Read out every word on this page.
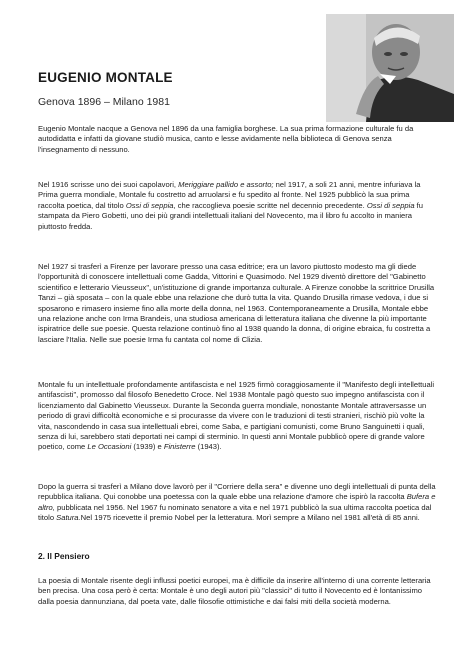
EUGENIO MONTALE
Genova 1896 – Milano 1981
Eugenio Montale nacque a Genova nel 1896 da una famiglia borghese. La sua prima formazione culturale fu da autodidatta e infatti da giovane studiò musica, canto e lesse avidamente nella biblioteca di Genova senza l'insegnamento di nessuno.
Nel 1916 scrisse uno dei suoi capolavori, Meriggiare pallido e assorto; nel 1917, a soli 21 anni, mentre infuriava la Prima guerra mondiale, Montale fu costretto ad arruolarsi e fu spedito al fronte. Nel 1925 pubblicò la sua prima raccolta poetica, dal titolo Ossi di seppia, che raccoglieva poesie scritte nel decennio precedente. Ossi di seppia fu stampata da Piero Gobetti, uno dei più grandi intellettuali italiani del Novecento, ma il libro fu accolto in maniera piuttosto fredda.
Nel 1927 si trasferì a Firenze per lavorare presso una casa editrice; era un lavoro piuttosto modesto ma gli diede l'opportunità di conoscere intellettuali come Gadda, Vittorini e Quasimodo. Nel 1929 diventò direttore del "Gabinetto scientifico e letterario Vieusseux", un'istituzione di grande importanza culturale. A Firenze conobbe la scrittrice Drusilla Tanzi – già sposata – con la quale ebbe una relazione che durò tutta la vita. Quando Drusilla rimase vedova, i due si sposarono e rimasero insieme fino alla morte della donna, nel 1963. Contemporaneamente a Drusilla, Montale ebbe una relazione anche con Irma Brandeis, una studiosa americana di letteratura italiana che divenne la più importante ispiratrice delle sue poesie. Questa relazione continuò fino al 1938 quando la donna, di origine ebraica, fu costretta a lasciare l'Italia. Nelle sue poesie Irma fu cantata col nome di Clizia.
Montale fu un intellettuale profondamente antifascista e nel 1925 firmò coraggiosamente il "Manifesto degli intellettuali antifascisti", promosso dal filosofo Benedetto Croce. Nel 1938 Montale pagò questo suo impegno antifascista con il licenziamento dal Gabinetto Vieusseux. Durante la Seconda guerra mondiale, nonostante Montale attraversasse un periodo di gravi difficoltà economiche e si procurasse da vivere con le traduzioni di testi stranieri, rischiò più volte la vita, nascondendo in casa sua intellettuali ebrei, come Saba, e partigiani comunisti, come Bruno Sanguinetti i quali, senza di lui, sarebbero stati deportati nei campi di sterminio. In questi anni Montale pubblicò opere di grande valore poetico, come Le Occasioni (1939) e Finisterre (1943).
Dopo la guerra si trasferì a Milano dove lavorò per il "Corriere della sera" e divenne uno degli intellettuali di punta della repubblica italiana. Qui conobbe una poetessa con la quale ebbe una relazione d'amore che ispirò la raccolta Bufera e altro, pubblicata nel 1956. Nel 1967 fu nominato senatore a vita e nel 1971 pubblicò la sua ultima raccolta poetica dal titolo Satura.Nel 1975 ricevette il premio Nobel per la letteratura. Morì sempre a Milano nel 1981 all'età di 85 anni.
2. Il Pensiero
La poesia di Montale risente degli influssi poetici europei, ma è difficile da inserire all'interno di una corrente letteraria ben precisa. Una cosa però è certa: Montale è uno degli autori più "classici" di tutto il Novecento ed è lontanissimo dalla poesia dannunziana, dal poeta vate, dalle filosofie ottimistiche e dai falsi miti della società moderna.
